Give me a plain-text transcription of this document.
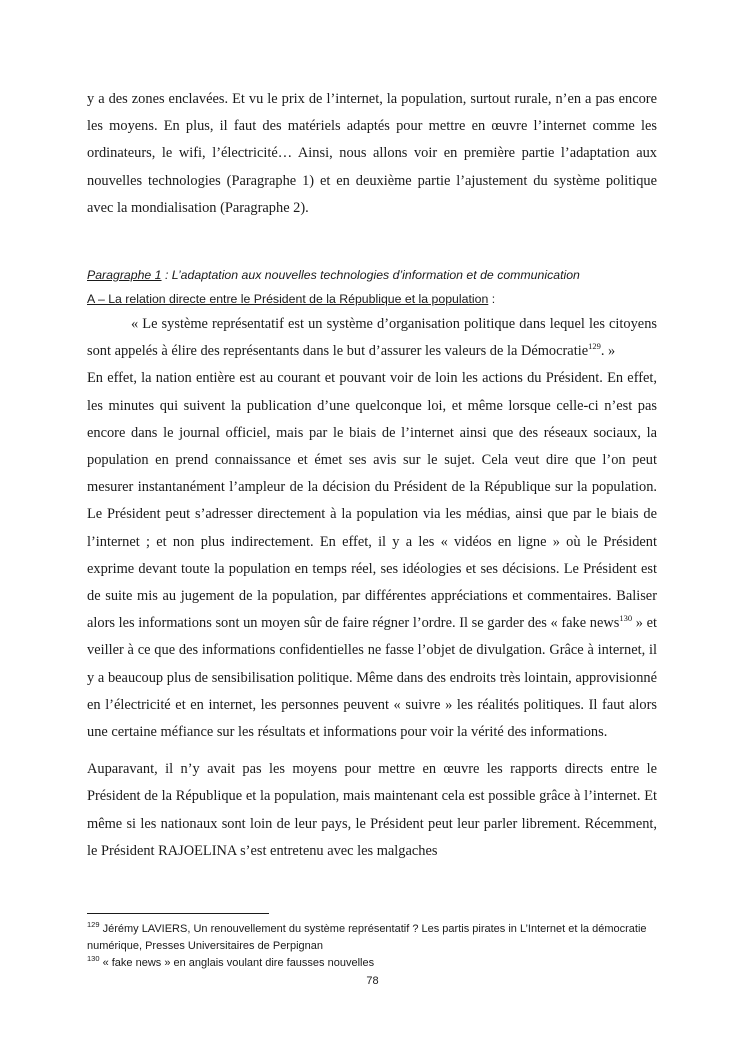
y a des zones enclavées. Et vu le prix de l’internet, la population, surtout rurale, n’en a pas encore les moyens. En plus, il faut des matériels adaptés pour mettre en œuvre l’internet comme les ordinateurs, le wifi, l’électricité… Ainsi, nous allons voir en première partie l’adaptation aux nouvelles technologies (Paragraphe 1) et en deuxième partie l’ajustement du système politique avec la mondialisation (Paragraphe 2).

Paragraphe 1 : L’adaptation aux nouvelles technologies d’information et de communication
A – La relation directe entre le Président de la République et la population :

« Le système représentatif est un système d’organisation politique dans lequel les citoyens sont appelés à élire des représentants dans le but d’assurer les valeurs de la Démocratie$^{129}$. »

En effet, la nation entière est au courant et pouvant voir de loin les actions du Président. En effet, les minutes qui suivent la publication d’une quelconque loi, et même lorsque celle-ci n’est pas encore dans le journal officiel, mais par le biais de l’internet ainsi que des réseaux sociaux, la population en prend connaissance et émet ses avis sur le sujet. Cela veut dire que l’on peut mesurer instantanément l’ampleur de la décision du Président de la République sur la population. Le Président peut s’adresser directement à la population via les médias, ainsi que par le biais de l’internet ; et non plus indirectement. En effet, il y a les « vidéos en ligne » où le Président exprime devant toute la population en temps réel, ses idéologies et ses décisions. Le Président est de suite mis au jugement de la population, par différentes appréciations et commentaires. Baliser alors les informations sont un moyen sûr de faire régner l’ordre. Il se garder des « fake news$^{130}$ » et veiller à ce que des informations confidentielles ne fasse l’objet de divulgation. Grâce à internet, il y a beaucoup plus de sensibilisation politique. Même dans des endroits très lointain, approvisionné en l’électricité et en internet, les personnes peuvent « suivre » les réalités politiques. Il faut alors une certaine méfiance sur les résultats et informations pour voir la vérité des informations.

Auparavant, il n’y avait pas les moyens pour mettre en œuvre les rapports directs entre le Président de la République et la population, mais maintenant cela est possible grâce à l’internet. Et même si les nationaux sont loin de leur pays, le Président peut leur parler librement. Récemment, le Président RAJOELINA s’est entretenu avec les malgaches

$^{129}$ Jérémy LAVIERS, Un renouvellement du système représentatif ? Les partis pirates in L’Internet et la démocratie numérique, Presses Universitaires de Perpignan
$^{130}$ « fake news » en anglais voulant dire fausses nouvelles
78
